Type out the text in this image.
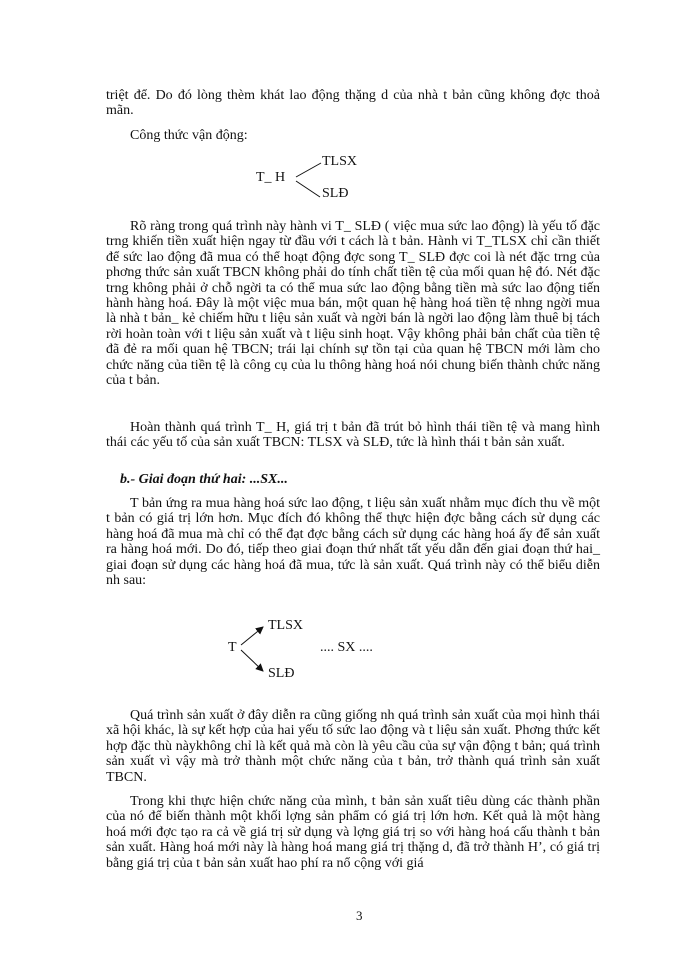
triệt để. Do đó lòng thèm khát lao động thặng d của nhà t bản cũng không đợc thoả mãn.

Công thức vận động:

T_ H
TLSX
SLĐ

Rõ ràng trong quá trình này hành vi T_ SLĐ ( việc mua sức lao động) là yếu tố đặc trng khiến tiền xuất hiện ngay từ đầu với t cách là t bản. Hành vi T_TLSX chỉ cần thiết để sức lao động đã mua có thể hoạt động đợc song T_ SLĐ đợc coi là nét đặc trng của phơng thức sản xuất TBCN không phải do tính chất tiền tệ của mối quan hệ đó. Nét đặc trng không phải ở chỗ ngời ta có thể mua sức lao động bằng tiền mà sức lao động tiến hành hàng hoá. Đây là một việc mua bán, một quan hệ hàng hoá tiền tệ nhng ngời mua là nhà t bản_ kẻ chiếm hữu t liệu sản xuất và ngời bán là ngời lao động làm thuê bị tách rời hoàn toàn với t liệu sản xuất và t liệu sinh hoạt. Vậy không phải bản chất của tiền tệ đã đẻ ra mối quan hệ TBCN; trái lại chính sự tồn tại của quan hệ TBCN mới làm cho chức năng của tiền tệ là công cụ của lu thông hàng hoá nói chung biến thành chức năng của t bản.

Hoàn thành quá trình T_ H, giá trị t bản đã trút bỏ hình thái tiền tệ và mang hình thái các yếu tố của sản xuất TBCN: TLSX và SLĐ, tức là hình thái t bản sản xuất.

b.- Giai đoạn thứ hai: ...SX...

T bản ứng ra mua hàng hoá sức lao động, t liệu sản xuất nhằm mục đích thu về một t bản có giá trị lớn hơn. Mục đích đó không thể thực hiện đợc bằng cách sử dụng các hàng hoá đã mua mà chỉ có thể đạt đợc bằng cách sử dụng các hàng hoá ấy để sản xuất ra hàng hoá mới. Do đó, tiếp theo giai đoạn thứ nhất tất yếu dẫn đến giai đoạn thứ hai_ giai đoạn sử dụng các hàng hoá đã mua, tức là sản xuất. Quá trình này có thể biểu diễn nh sau:

T
TLSX
SLĐ
.... SX ....

Quá trình sản xuất ở đây diễn ra cũng giống nh quá trình sản xuất của mọi hình thái xã hội khác, là sự kết hợp của hai yếu tố sức lao động và t liệu sản xuất. Phơng thức kết hợp đặc thù nàykhông chỉ là kết quả mà còn là yêu cầu của sự vận động t bản; quá trình sản xuất vì vậy mà trở thành một chức năng của t bản, trở thành quá trình sản xuất TBCN.

Trong khi thực hiện chức năng của mình, t bản sản xuất tiêu dùng các thành phần của nó để biến thành một khối lợng sản phẩm có giá trị lớn hơn. Kết quả là một hàng hoá mới đợc tạo ra cả về giá trị sử dụng và lợng giá trị so với hàng hoá cấu thành t bản sản xuất. Hàng hoá mới này là hàng hoá mang giá trị thặng d, đã trở thành H’, có giá trị bằng giá trị của t bản sản xuất hao phí ra nổ cộng với giá

3
